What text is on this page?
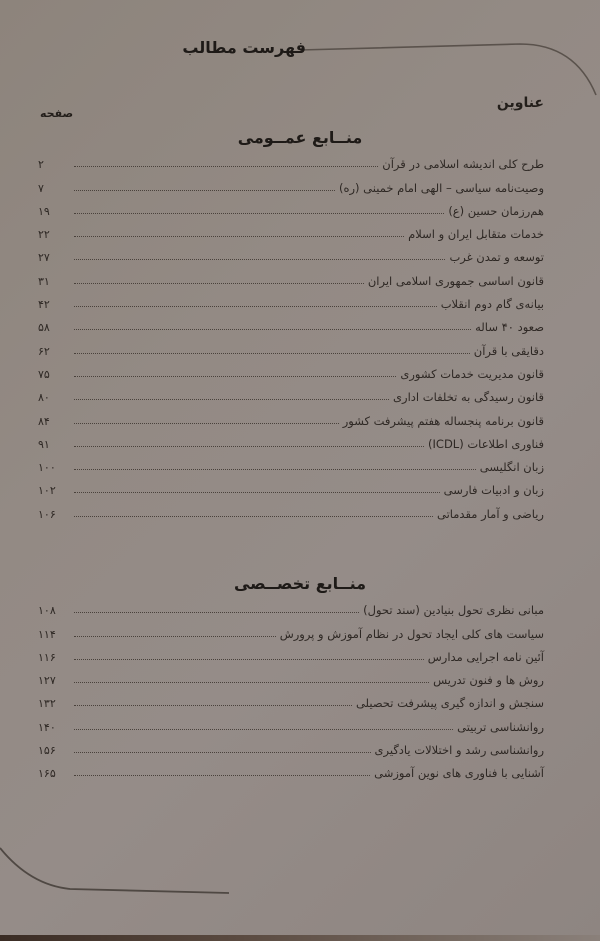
فهرست مطالب
عناوین
صفحه
منــابع عمــومی
طرح کلی اندیشه اسلامی در قرآن
۲
وصیت‌نامه سیاسی – الهی امام خمینی (ره)
۷
هم‌رزمان حسین (ع)
۱۹
خدمات متقابل ایران و اسلام
۲۲
توسعه و تمدن غرب
۲۷
قانون اساسی جمهوری اسلامی ایران
۳۱
بیانه‌ی گام دوم انقلاب
۴۲
صعود ۴۰ ساله
۵۸
دقایقی با قرآن
۶۲
قانون مدیریت خدمات کشوری
۷۵
قانون رسیدگی به تخلفات اداری
۸۰
قانون برنامه پنجساله هفتم پیشرفت کشور
۸۴
فناوری اطلاعات (ICDL)
۹۱
زبان انگلیسی
۱۰۰
زبان و ادبیات فارسی
۱۰۲
ریاضی و آمار مقدماتی
۱۰۶
منــابع تخصــصی
مبانی نظری تحول بنیادین (سند تحول)
۱۰۸
سیاست های کلی ایجاد تحول در نظام آموزش و پرورش
۱۱۴
آئین نامه اجرایی مدارس
۱۱۶
روش ها و فنون تدریس
۱۲۷
سنجش و اندازه گیری پیشرفت تحصیلی
۱۳۲
روانشناسی تربیتی
۱۴۰
روانشناسی رشد و اختلالات یادگیری
۱۵۶
آشنایی با فناوری های نوین آموزشی
۱۶۵
